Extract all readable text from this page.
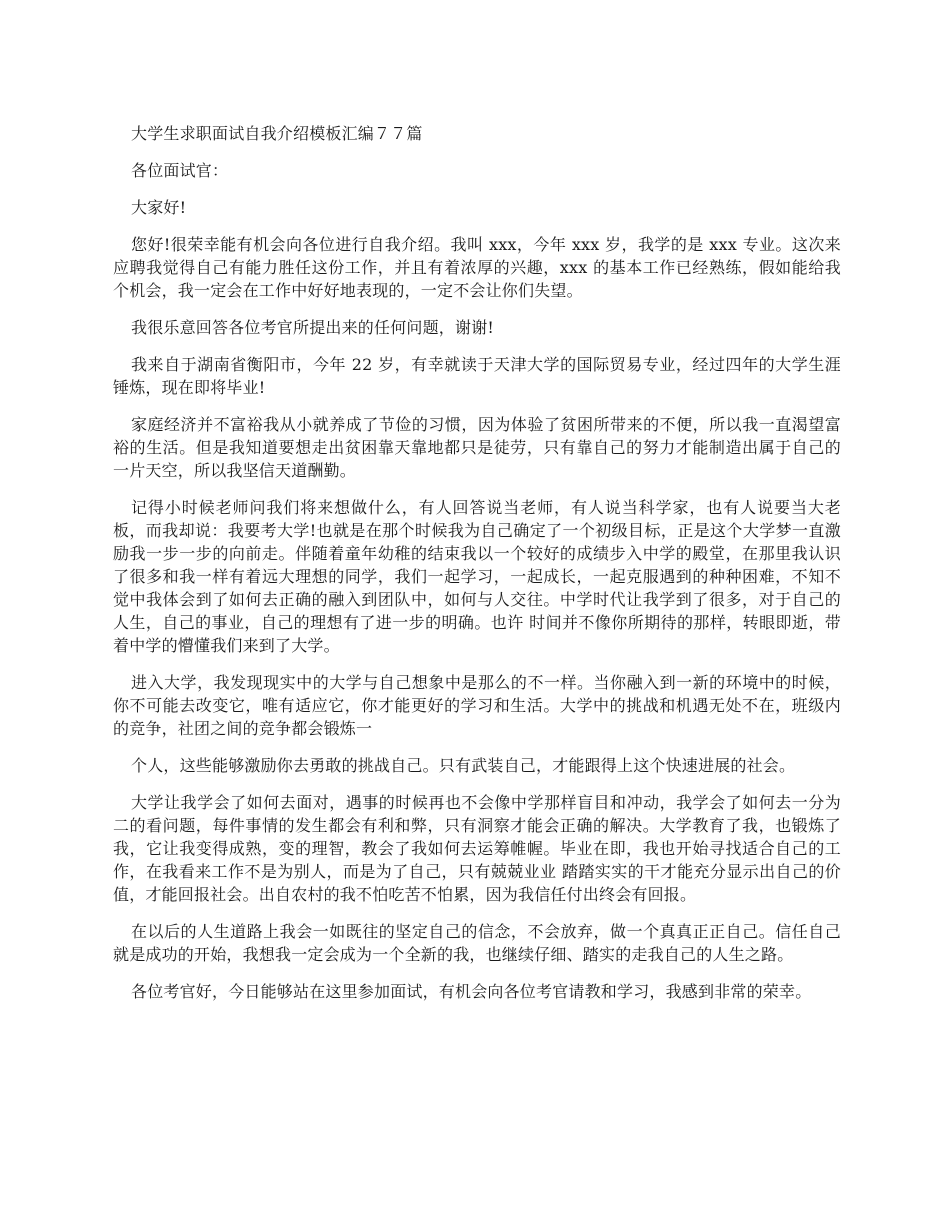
大学生求职面试自我介绍模板汇编７７篇

各位面试官：

大家好!

您好!很荣幸能有机会向各位进行自我介绍。我叫 xxx，今年 xxx 岁，我学的是 xxx 专业。这次来应聘我觉得自己有能力胜任这份工作，并且有着浓厚的兴趣，xxx 的基本工作已经熟练，假如能给我个机会，我一定会在工作中好好地表现的，一定不会让你们失望。

我很乐意回答各位考官所提出来的任何问题，谢谢!

我来自于湖南省衡阳市，今年 22 岁，有幸就读于天津大学的国际贸易专业，经过四年的大学生涯锤炼，现在即将毕业!

家庭经济并不富裕我从小就养成了节俭的习惯，因为体验了贫困所带来的不便，所以我一直渴望富裕的生活。但是我知道要想走出贫困靠天靠地都只是徒劳，只有靠自己的努力才能制造出属于自己的一片天空，所以我坚信天道酬勤。

记得小时候老师问我们将来想做什么，有人回答说当老师，有人说当科学家，也有人说要当大老板，而我却说：我要考大学!也就是在那个时候我为自己确定了一个初级目标，正是这个大学梦一直激励我一步一步的向前走。伴随着童年幼稚的结束我以一个较好的成绩步入中学的殿堂，在那里我认识了很多和我一样有着远大理想的同学，我们一起学习，一起成长，一起克服遇到的种种困难，不知不觉中我体会到了如何去正确的融入到团队中，如何与人交往。中学时代让我学到了很多，对于自己的人生，自己的事业，自己的理想有了进一步的明确。也许 时间并不像你所期待的那样，转眼即逝，带着中学的懵懂我们来到了大学。

进入大学，我发现现实中的大学与自己想象中是那么的不一样。当你融入到一新的环境中的时候，你不可能去改变它，唯有适应它，你才能更好的学习和生活。大学中的挑战和机遇无处不在，班级内的竞争，社团之间的竞争都会锻炼一

个人，这些能够激励你去勇敢的挑战自己。只有武装自己，才能跟得上这个快速进展的社会。

大学让我学会了如何去面对，遇事的时候再也不会像中学那样盲目和冲动，我学会了如何去一分为二的看问题，每件事情的发生都会有利和弊，只有洞察才能会正确的解决。大学教育了我，也锻炼了我，它让我变得成熟，变的理智，教会了我如何去运筹帷幄。毕业在即，我也开始寻找适合自己的工作，在我看来工作不是为别人，而是为了自己，只有兢兢业业 踏踏实实的干才能充分显示出自己的价值，才能回报社会。出自农村的我不怕吃苦不怕累，因为我信任付出终会有回报。

在以后的人生道路上我会一如既往的坚定自己的信念，不会放弃，做一个真真正正自己。信任自己就是成功的开始，我想我一定会成为一个全新的我，也继续仔细、踏实的走我自己的人生之路。

各位考官好，今日能够站在这里参加面试，有机会向各位考官请教和学习，我感到非常的荣幸。
